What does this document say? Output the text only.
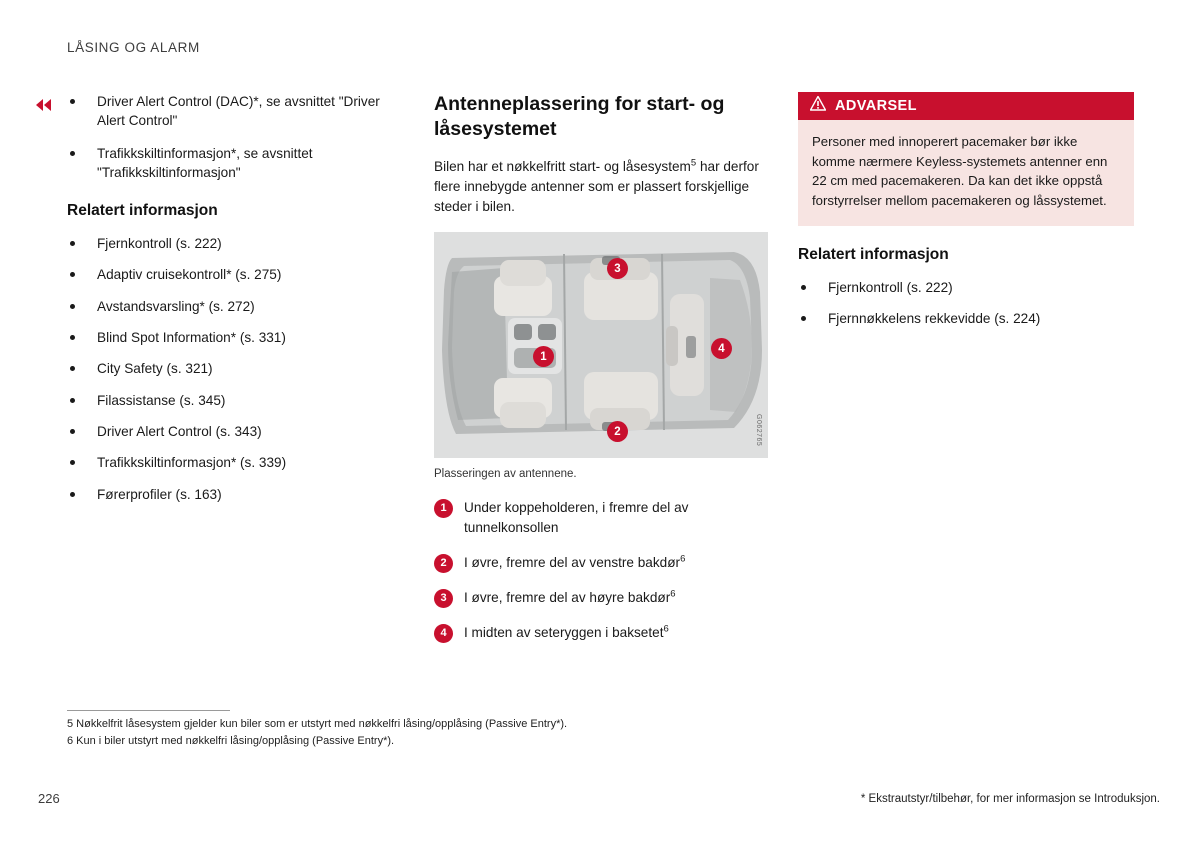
LÅSING OG ALARM
Driver Alert Control (DAC)*, se avsnittet "Driver Alert Control"
Trafikkskiltinformasjon*, se avsnittet "Trafikkskiltinformasjon"
Relatert informasjon
Fjernkontroll (s. 222)
Adaptiv cruisekontroll* (s. 275)
Avstandsvarsling* (s. 272)
Blind Spot Information* (s. 331)
City Safety (s. 321)
Filassistanse (s. 345)
Driver Alert Control (s. 343)
Trafikkskiltinformasjon* (s. 339)
Førerprofiler (s. 163)
Antenneplassering for start- og låsesystemet

Bilen har et nøkkelfritt start- og låsesystem$^5$ har derfor flere innebygde antenner som er plassert forskjellige steder i bilen.

3
1
4
2	G062765
Plasseringen av antennene.
1	Under koppeholderen, i fremre del av tunnelkonsollen
2	I øvre, fremre del av venstre bakdør$^6$
3	I øvre, fremre del av høyre bakdør$^6$
4	I midten av seteryggen i baksetet$^6$
ADVARSEL
Personer med innoperert pacemaker bør ikke komme nærmere Keyless-systemets antenner enn 22 cm med pacemakeren. Da kan det ikke oppstå forstyrrelser mellom pacemakeren og låssystemet.
Relatert informasjon
Fjernkontroll (s. 222)
Fjernnøkkelens rekkevidde (s. 224)
5 Nøkkelfrit låsesystem gjelder kun biler som er utstyrt med nøkkelfri låsing/opplåsing (Passive Entry*).
6 Kun i biler utstyrt med nøkkelfri låsing/opplåsing (Passive Entry*).
226	* Ekstrautstyr/tilbehør, for mer informasjon se Introduksjon.
